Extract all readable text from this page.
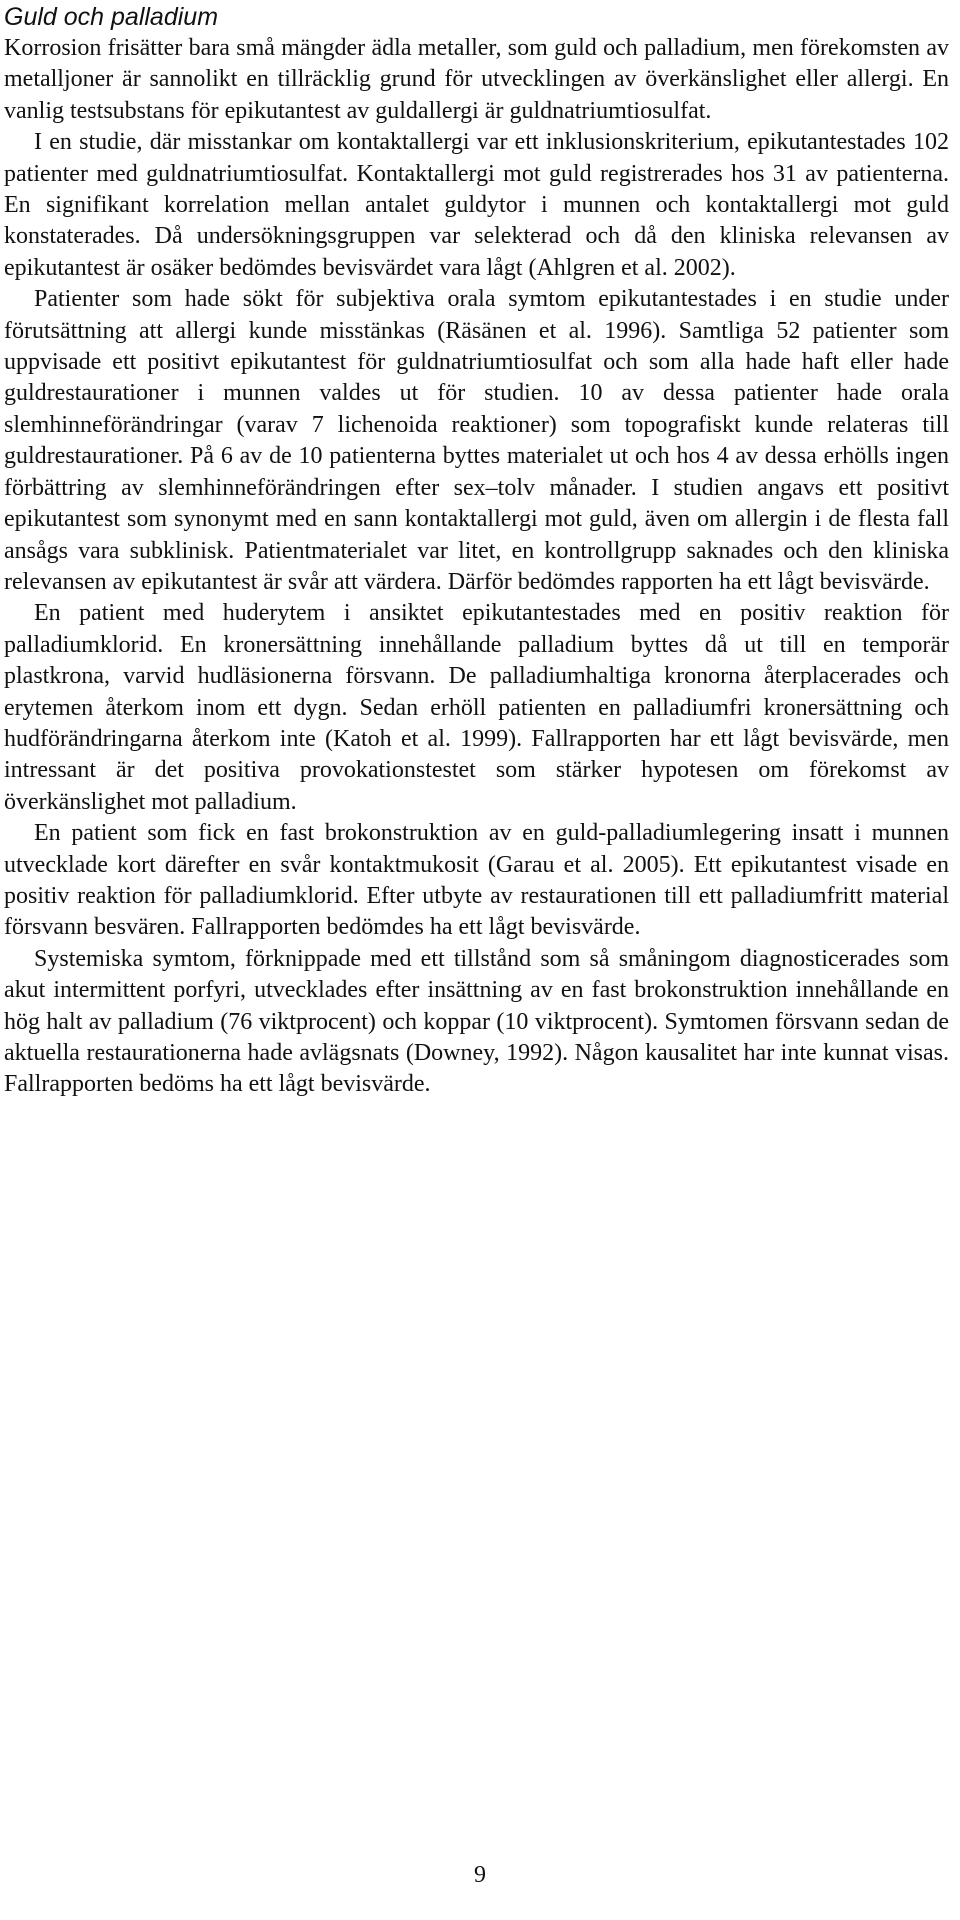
Guld och palladium

Korrosion frisätter bara små mängder ädla metaller, som guld och palladium, men förekomsten av metalljoner är sannolikt en tillräcklig grund för utvecklingen av överkänslighet eller allergi. En vanlig testsubstans för epikutantest av guldallergi är guldnatriumtiosulfat.

I en studie, där misstankar om kontaktallergi var ett inklusionskriterium, epikutantestades 102 patienter med guldnatriumtiosulfat. Kontaktallergi mot guld registrerades hos 31 av patienterna. En signifikant korrelation mellan antalet guldytor i munnen och kontaktallergi mot guld konstaterades. Då undersökningsgruppen var selekterad och då den kliniska relevansen av epikutantest är osäker bedömdes bevisvärdet vara lågt (Ahlgren et al. 2002).

Patienter som hade sökt för subjektiva orala symtom epikutantestades i en studie under förutsättning att allergi kunde misstänkas (Räsänen et al. 1996). Samtliga 52 patienter som uppvisade ett positivt epikutantest för guldnatriumtiosulfat och som alla hade haft eller hade guldrestaurationer i munnen valdes ut för studien. 10 av dessa patienter hade orala slemhinneförändringar (varav 7 lichenoida reaktioner) som topografiskt kunde relateras till guldrestaurationer. På 6 av de 10 patienterna byttes materialet ut och hos 4 av dessa erhölls ingen förbättring av slemhinneförändringen efter sex–tolv månader. I studien angavs ett positivt epikutantest som synonymt med en sann kontaktallergi mot guld, även om allergin i de flesta fall ansågs vara subklinisk. Patientmaterialet var litet, en kontrollgrupp saknades och den kliniska relevansen av epikutantest är svår att värdera. Därför bedömdes rapporten ha ett lågt bevisvärde.

En patient med huderytem i ansiktet epikutantestades med en positiv reaktion för palladiumklorid. En kronersättning innehållande palladium byttes då ut till en temporär plastkrona, varvid hudläsionerna försvann. De palladiumhaltiga kronorna återplacerades och erytemen återkom inom ett dygn. Sedan erhöll patienten en palladiumfri kronersättning och hudförändringarna återkom inte (Katoh et al. 1999). Fallrapporten har ett lågt bevisvärde, men intressant är det positiva provokationstestet som stärker hypotesen om förekomst av överkänslighet mot palladium.

En patient som fick en fast brokonstruktion av en guld-palladiumlegering insatt i munnen utvecklade kort därefter en svår kontaktmukosit (Garau et al. 2005). Ett epikutantest visade en positiv reaktion för palladiumklorid. Efter utbyte av restaurationen till ett palladiumfritt material försvann besvären. Fallrapporten bedömdes ha ett lågt bevisvärde.

Systemiska symtom, förknippade med ett tillstånd som så småningom diagnosticerades som akut intermittent porfyri, utvecklades efter insättning av en fast brokonstruktion innehållande en hög halt av palladium (76 viktprocent) och koppar (10 viktprocent). Symtomen försvann sedan de aktuella restaurationerna hade avlägsnats (Downey, 1992). Någon kausalitet har inte kunnat visas. Fallrapporten bedöms ha ett lågt bevisvärde.

9
